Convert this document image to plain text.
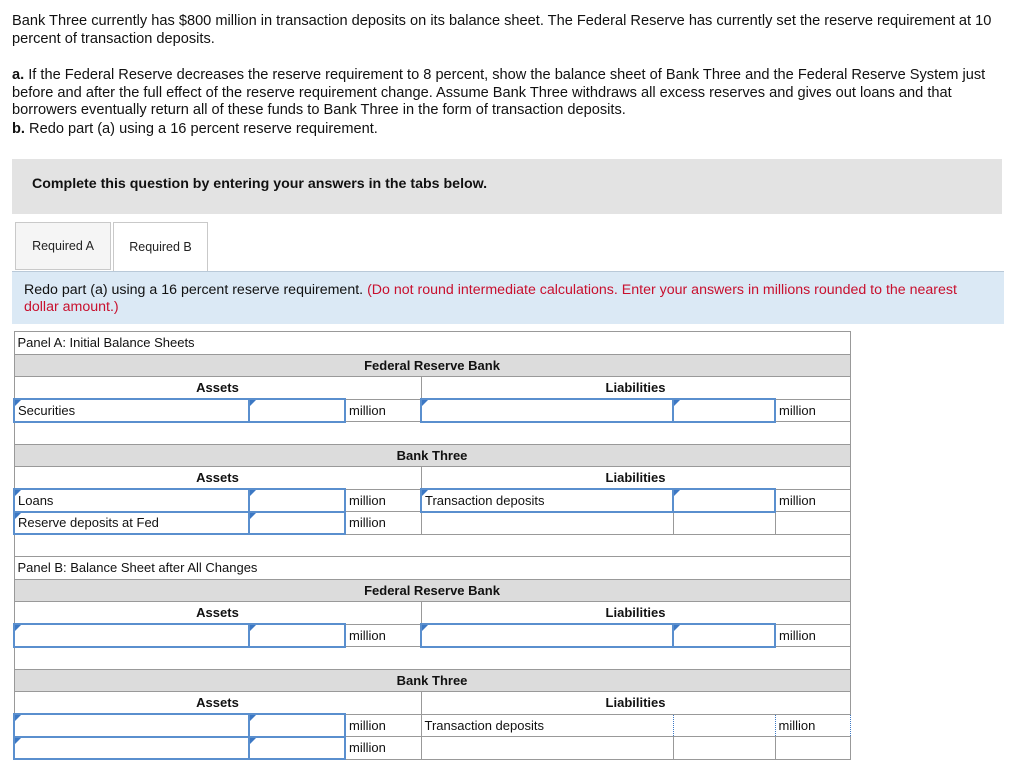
Bank Three currently has $800 million in transaction deposits on its balance sheet. The Federal Reserve has currently set the reserve requirement at 10 percent of transaction deposits.

a. If the Federal Reserve decreases the reserve requirement to 8 percent, show the balance sheet of Bank Three and the Federal Reserve System just before and after the full effect of the reserve requirement change. Assume Bank Three withdraws all excess reserves and gives out loans and that borrowers eventually return all of these funds to Bank Three in the form of transaction deposits.

b. Redo part (a) using a 16 percent reserve requirement.

Complete this question by entering your answers in the tabs below.
Required A	Required B
Redo part (a) using a 16 percent reserve requirement. (Do not round intermediate calculations. Enter your answers in millions rounded to the nearest dollar amount.)
Panel A: Initial Balance Sheets					
Federal Reserve Bank					
Assets			Liabilities		
Securities		million			million

Bank Three					
Assets			Liabilities		
Loans		million	Transaction deposits		million
Reserve deposits at Fed		million			

Panel B: Balance Sheet after All Changes					
Federal Reserve Bank					
Assets			Liabilities		
		million			million

Bank Three					
Assets			Liabilities		
		million	Transaction deposits		million
		million			
